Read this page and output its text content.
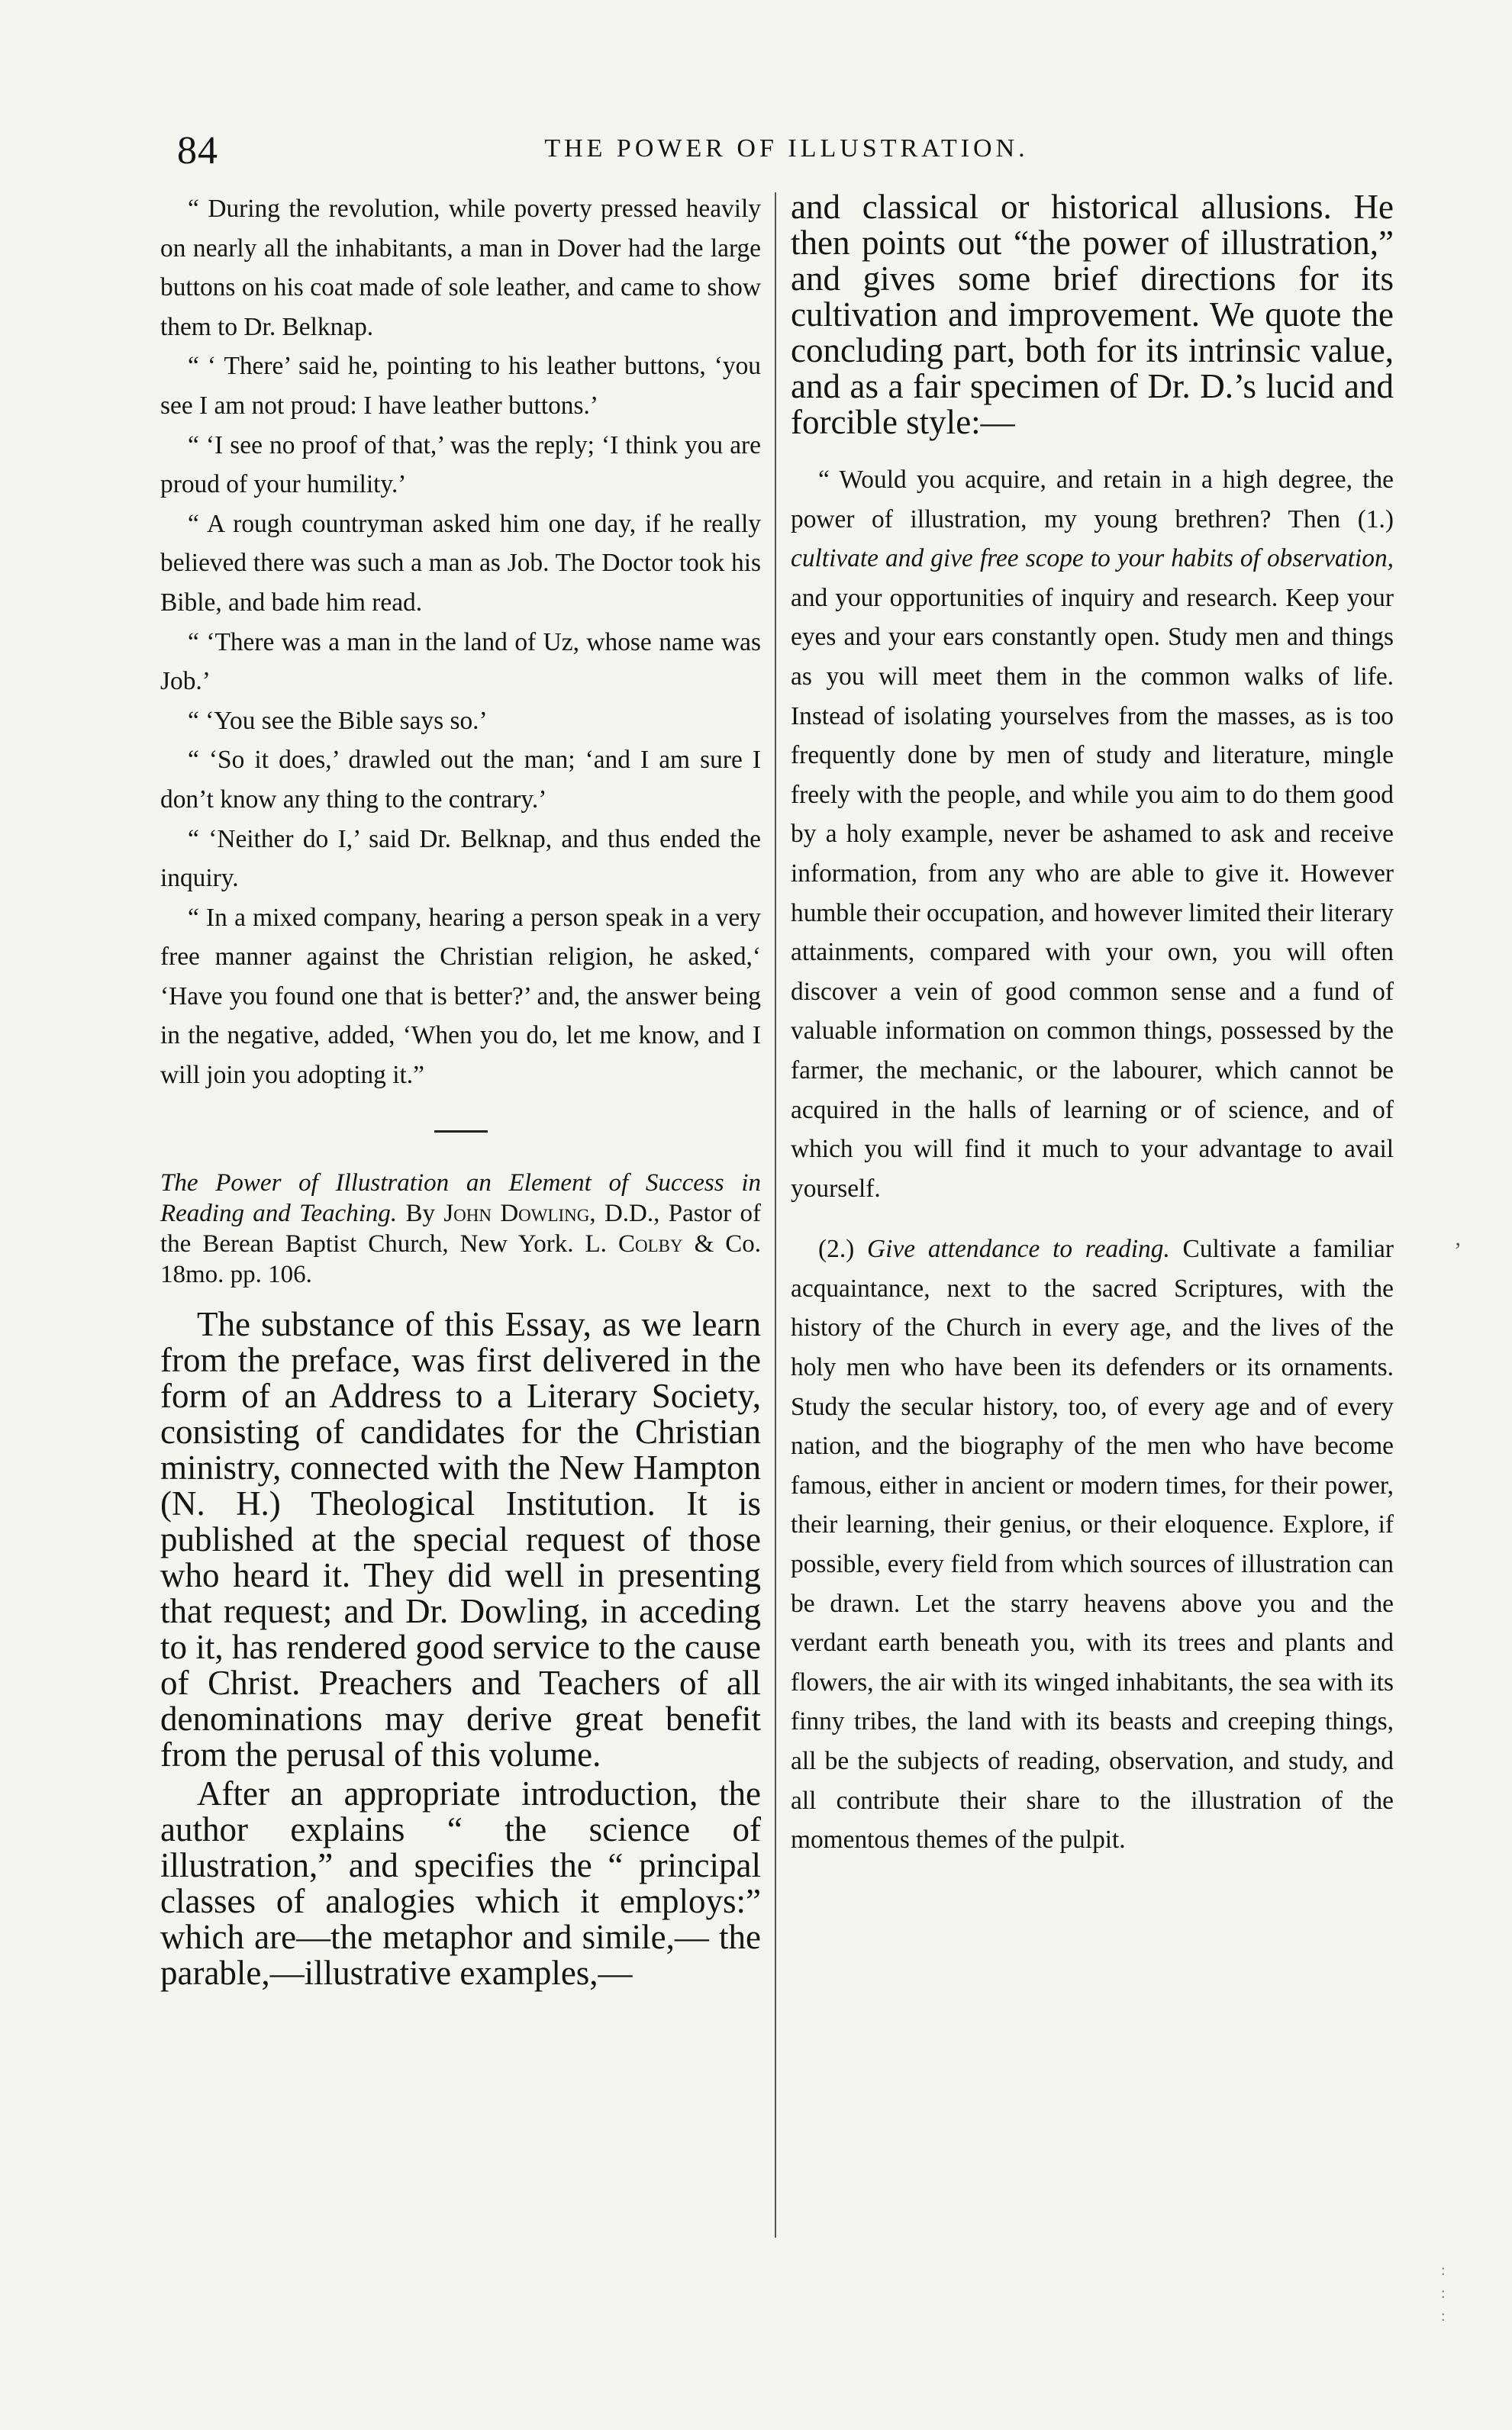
84	THE POWER OF ILLUSTRATION.

“ During the revolution, while poverty pressed heavily on nearly all the inhabitants, a man in Dover had the large buttons on his coat made of sole leather, and came to show them to Dr. Belknap.

“ ‘ There’ said he, pointing to his leather buttons, ‘you see I am not proud: I have leather buttons.’

“ ‘I see no proof of that,’ was the reply; ‘I think you are proud of your humility.’

“ A rough countryman asked him one day, if he really believed there was such a man as Job. The Doctor took his Bible, and bade him read.

“ ‘There was a man in the land of Uz, whose name was Job.’

“ ‘You see the Bible says so.’

“ ‘So it does,’ drawled out the man; ‘and I am sure I don’t know any thing to the contrary.’

“ ‘Neither do I,’ said Dr. Belknap, and thus ended the inquiry.

“ In a mixed company, hearing a person speak in a very free manner against the Christian religion, he asked,‘ ‘Have you found one that is better?’ and, the answer being in the negative, added, ‘When you do, let me know, and I will join you adopting it.”

The Power of Illustration an Element of Success in Reading and Teaching. By John Dowling, D.D., Pastor of the Berean Baptist Church, New York. L. Colby & Co. 18mo. pp. 106.

The substance of this Essay, as we learn from the preface, was first delivered in the form of an Address to a Literary Society, consisting of candidates for the Christian ministry, connected with the New Hampton (N. H.) Theological Institution. It is published at the special request of those who heard it. They did well in presenting that request; and Dr. Dowling, in acceding to it, has rendered good service to the cause of Christ. Preachers and Teachers of all denominations may derive great benefit from the perusal of this volume.

After an appropriate introduction, the author explains “ the science of illustration,” and specifies the “ principal classes of analogies which it employs:” which are—the metaphor and simile,— the parable,—illustrative examples,—

and classical or historical allusions. He then points out “the power of illustration,” and gives some brief directions for its cultivation and improvement. We quote the concluding part, both for its intrinsic value, and as a fair specimen of Dr. D.’s lucid and forcible style:—

“ Would you acquire, and retain in a high degree, the power of illustration, my young brethren? Then (1.) cultivate and give free scope to your habits of observation, and your opportunities of inquiry and research. Keep your eyes and your ears constantly open. Study men and things as you will meet them in the common walks of life. Instead of isolating yourselves from the masses, as is too frequently done by men of study and literature, mingle freely with the people, and while you aim to do them good by a holy example, never be ashamed to ask and receive information, from any who are able to give it. However humble their occupation, and however limited their literary attainments, compared with your own, you will often discover a vein of good common sense and a fund of valuable information on common things, possessed by the farmer, the mechanic, or the labourer, which cannot be acquired in the halls of learning or of science, and of which you will find it much to your advantage to avail yourself.

(2.) Give attendance to reading. Cultivate a familiar acquaintance, next to the sacred Scriptures, with the history of the Church in every age, and the lives of the holy men who have been its defenders or its ornaments. Study the secular history, too, of every age and of every nation, and the biography of the men who have become famous, either in ancient or modern times, for their power, their learning, their genius, or their eloquence. Explore, if possible, every field from which sources of illustration can be drawn. Let the starry heavens above you and the verdant earth beneath you, with its trees and plants and flowers, the air with its winged inhabitants, the sea with its finny tribes, the land with its beasts and creeping things, all be the subjects of reading, observation, and study, and all contribute their share to the illustration of the momentous themes of the pulpit.

’
:
:
:
